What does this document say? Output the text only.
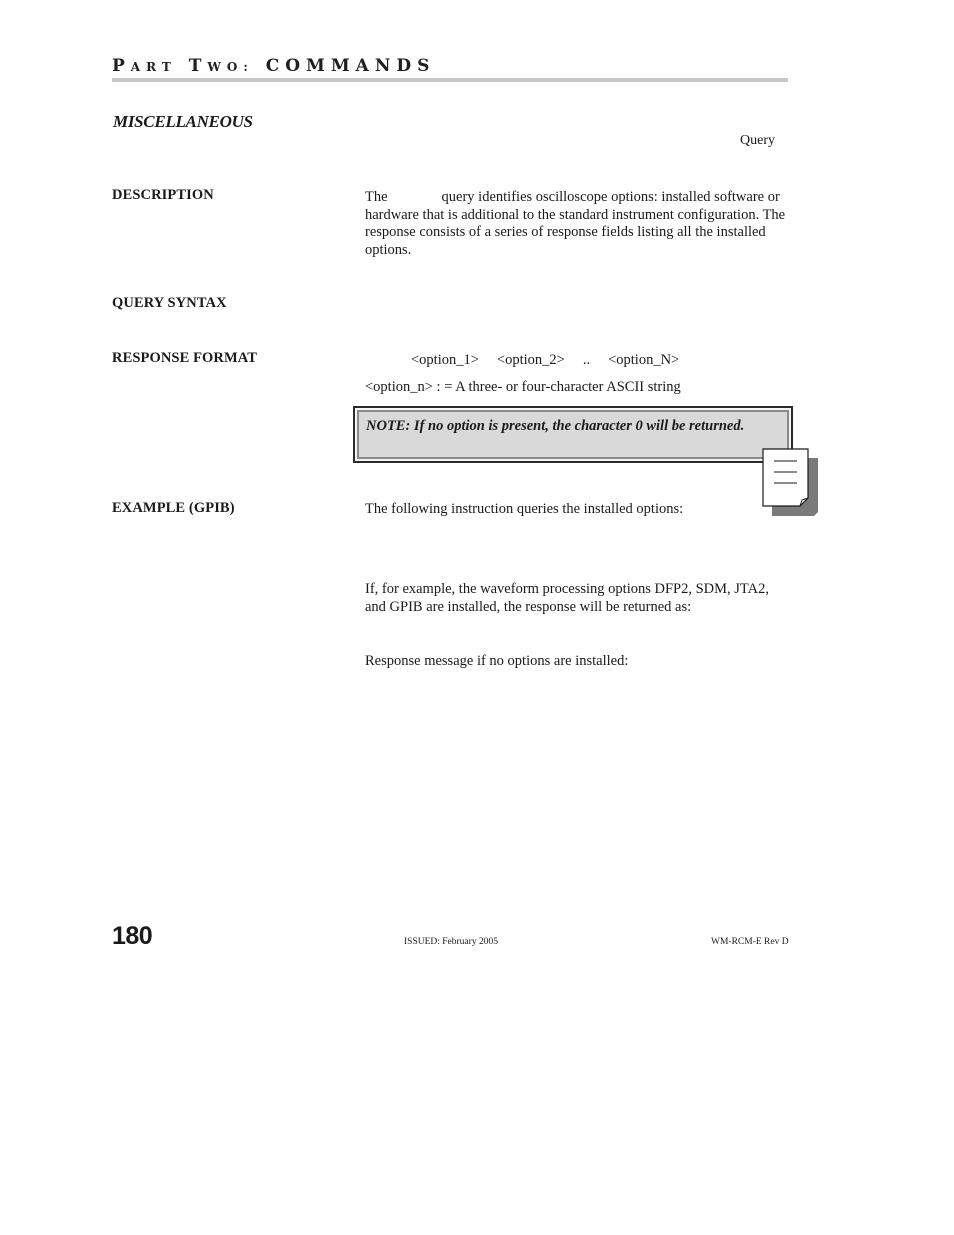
PART TWO: COMMANDS
MISCELLANEOUS
Query
DESCRIPTION	The	query identifies oscilloscope options: installed software or hardware that is additional to the standard instrument configuration. The response consists of a series of response fields listing all the installed options.
QUERY SYNTAX
RESPONSE FORMAT	<option_1> <option_2> .. <option_N>
<option_n> : = A three- or four-character ASCII string
NOTE: If no option is present, the character 0 will be returned.
EXAMPLE (GPIB)	The following instruction queries the installed options:
If, for example, the waveform processing options DFP2, SDM, JTA2, and GPIB are installed, the response will be returned as:
Response message if no options are installed:
180	ISSUED: February 2005	WM-RCM-E Rev D
